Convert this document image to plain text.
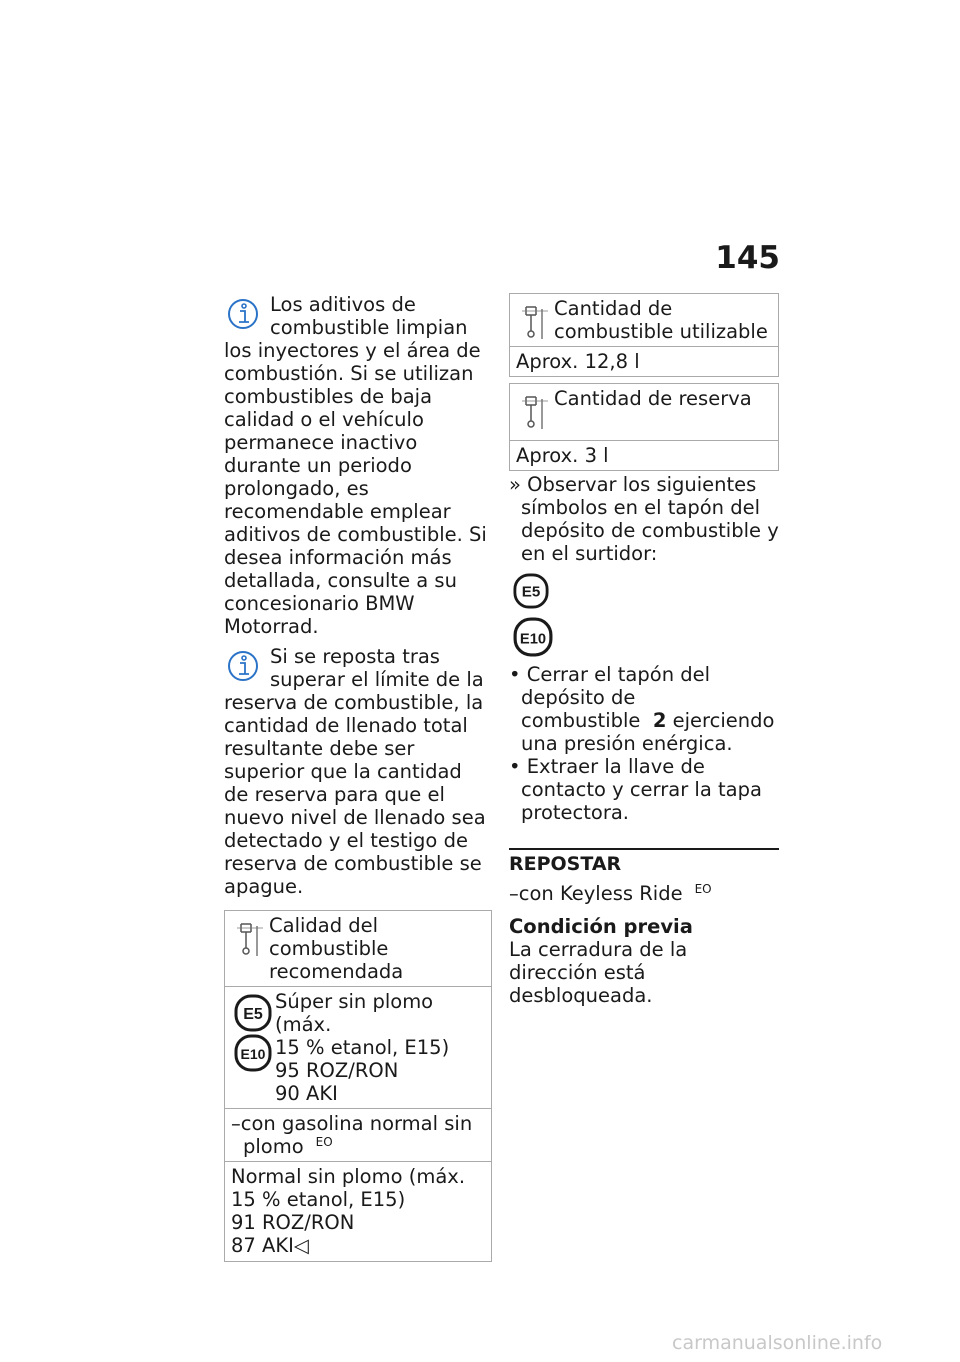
145

Los aditivos de combustible limpian los inyectores y el área de combustión. Si se utilizan combustibles de baja calidad o el vehículo permanece inactivo durante un periodo prolongado, es recomendable emplear aditivos de combustible. Si desea información más detallada, consulte a su concesionario BMW Motorrad.

Si se reposta tras superar el límite de la reserva de combustible, la cantidad de llenado total resultante debe ser superior que la cantidad de reserva para que el nuevo nivel de llenado sea detectado y el testigo de reserva de combustible se apague.

Calidad del combustible recomendada
E5
E10
Súper sin plomo (máx.
15 % etanol, E15)
95 ROZ/RON
90 AKI
–con gasolina normal sin plomo $^{EO}$
Normal sin plomo (máx.
15 % etanol, E15)
91 ROZ/RON
87 AKI◁
Cantidad de combustible utilizable
Aprox. 12,8 l
Cantidad de reserva
Aprox. 3 l

» Observar los siguientes símbolos en el tapón del depósito de combustible y en el surtidor:

E5
E10
• Cerrar el tapón del depósito de combustible 2 ejerciendo una presión enérgica.
• Extraer la llave de contacto y cerrar la tapa protectora.
REPOSTAR

–con Keyless Ride $^{EO}$

Condición previa

La cerradura de la dirección está desbloqueada.

carmanualsonline.info
